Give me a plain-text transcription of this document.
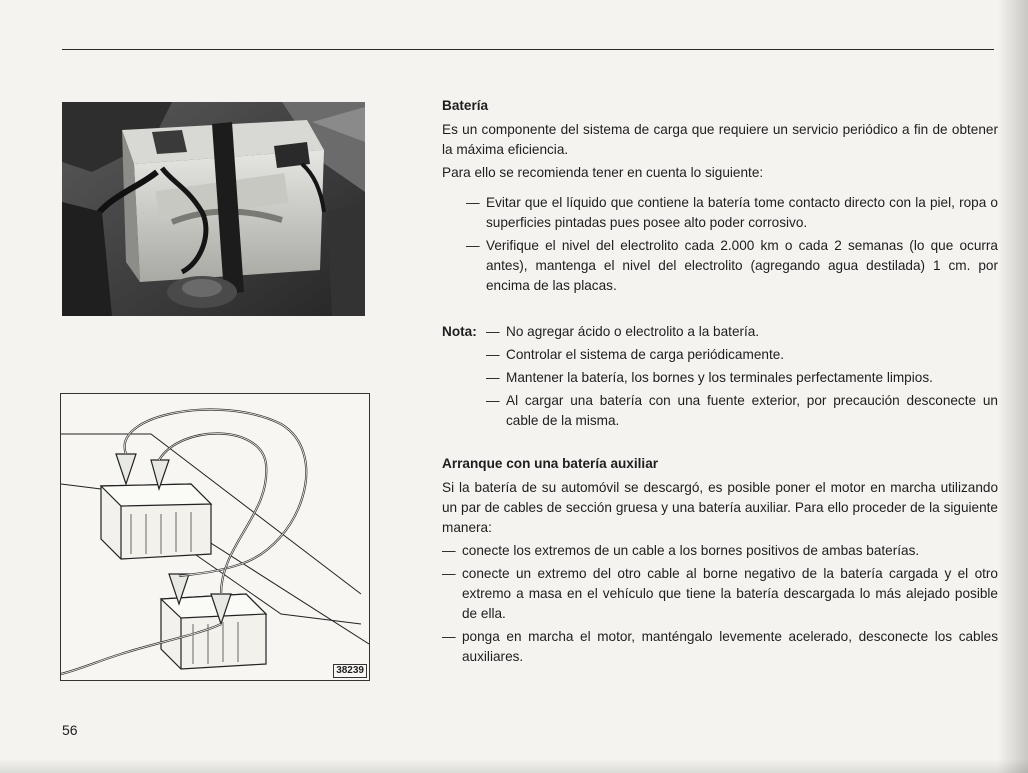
38239
Batería

Es un componente del sistema de carga que requiere un servicio periódico a fin de obtener la máxima eficiencia.

Para ello se recomienda tener en cuenta lo siguiente:

— Evitar que el líquido que contiene la batería tome contacto directo con la piel, ropa o superficies pintadas pues posee alto poder corrosivo.
— Verifique el nivel del electrolito cada 2.000 km o cada 2 semanas (lo que ocurra antes), mantenga el nivel del electrolito (agregando agua destilada) 1 cm. por encima de las placas.
Nota:
—	No agregar ácido o electrolito a la batería.
— Controlar el sistema de carga periódicamente.
— Mantener la batería, los bornes y los terminales perfectamente limpios.
— Al cargar una batería con una fuente exterior, por precaución desconecte un cable de la misma.
Arranque con una batería auxiliar

Si la batería de su automóvil se descargó, es posible poner el motor en marcha utilizando un par de cables de sección gruesa y una batería auxiliar. Para ello proceder de la siguiente manera:

— conecte los extremos de un cable a los bornes positivos de ambas baterías.
— conecte un extremo del otro cable al borne negativo de la batería cargada y el otro extremo a masa en el vehículo que tiene la batería descargada lo más alejado posible de ella.
— ponga en marcha el motor, manténgalo levemente acelerado, desconecte los cables auxiliares.
56
